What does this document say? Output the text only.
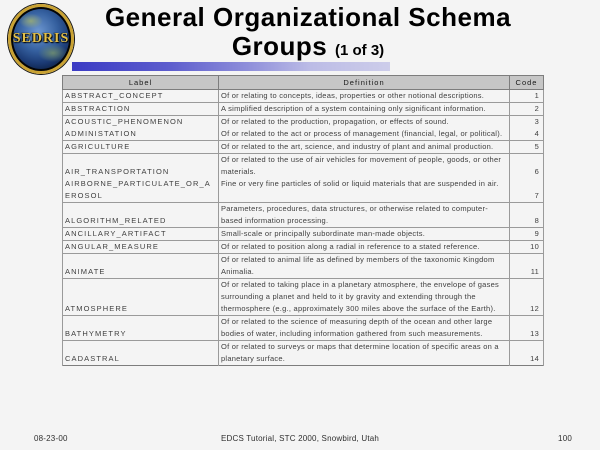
SEDRIS
General Organizational Schema
Groups (1 of 3)
Label	Definition	Code
ABSTRACT_CONCEPT	Of or relating to concepts, ideas, properties or other notional descriptions.	1
ABSTRACTION	A simplified description of a system containing only significant information.	2
ACOUSTIC_PHENOMENON	Of or related to the production, propagation, or effects of sound.	3
ADMINISTATION	Of or related to the act or process of management (financial, legal, or political).	4
AGRICULTURE	Of or related to the art, science, and industry of plant and animal production.	5
AIR_TRANSPORTATION	Of or related to the use of air vehicles for movement of people, goods, or other materials.	6
AIRBORNE_PARTICULATE_OR_AEROSOL	Fine or very fine particles of solid or liquid materials that are suspended in air.	7
ALGORITHM_RELATED	Parameters, procedures, data structures, or otherwise related to computer-based information processing.	8
ANCILLARY_ARTIFACT	Small-scale or principally subordinate man-made objects.	9
ANGULAR_MEASURE	Of or related to position along a radial in reference to a stated reference.	10
ANIMATE	Of or related to animal life as defined by members of the taxonomic Kingdom Animalia.	11
ATMOSPHERE	Of or related to taking place in a planetary atmosphere, the envelope of gases surrounding a planet and held to it by gravity and extending through the thermosphere (e.g., approximately 300 miles above the surface of the Earth).	12
BATHYMETRY	Of or related to the science of measuring depth of the ocean and other large bodies of water, including information gathered from such measurements.	13
CADASTRAL	Of or related to surveys or maps that determine location of specific areas on a planetary surface.	14
08-23-00	EDCS Tutorial, STC 2000, Snowbird, Utah	100
